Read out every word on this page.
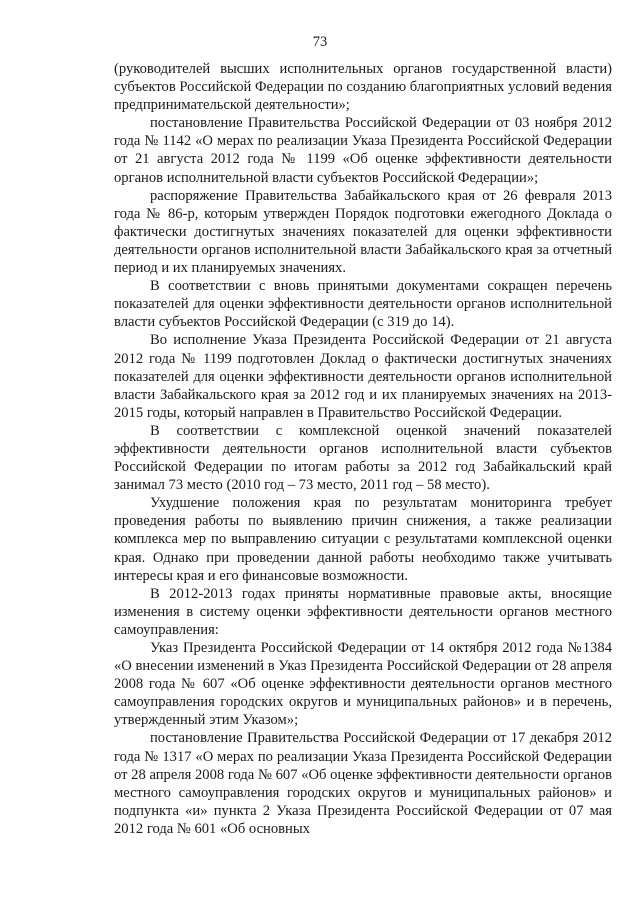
73

(руководителей высших исполнительных органов государственной власти) субъектов Российской Федерации по созданию благоприятных условий ведения предпринимательской деятельности»;

постановление Правительства Российской Федерации от 03 ноября 2012 года № 1142 «О мерах по реализации Указа Президента Российской Федерации от 21 августа 2012 года № 1199 «Об оценке эффективности деятельности органов исполнительной власти субъектов Российской Федерации»;

распоряжение Правительства Забайкальского края от 26 февраля 2013 года № 86-р, которым утвержден Порядок подготовки ежегодного Доклада о фактически достигнутых значениях показателей для оценки эффективности деятельности органов исполнительной власти Забайкальского края за отчетный период и их планируемых значениях.

В соответствии с вновь принятыми документами сокращен перечень показателей для оценки эффективности деятельности органов исполнительной власти субъектов Российской Федерации (с 319 до 14).

Во исполнение Указа Президента Российской Федерации от 21 августа 2012 года № 1199 подготовлен Доклад о фактически достигнутых значениях показателей для оценки эффективности деятельности органов исполнительной власти Забайкальского края за 2012 год и их планируемых значениях на 2013-2015 годы, который направлен в Правительство Российской Федерации.

В соответствии с комплексной оценкой значений показателей эффективности деятельности органов исполнительной власти субъектов Российской Федерации по итогам работы за 2012 год Забайкальский край занимал 73 место (2010 год – 73 место, 2011 год – 58 место).

Ухудшение положения края по результатам мониторинга требует проведения работы по выявлению причин снижения, а также реализации комплекса мер по выправлению ситуации с результатами комплексной оценки края. Однако при проведении данной работы необходимо также учитывать интересы края и его финансовые возможности.

В 2012-2013 годах приняты нормативные правовые акты, вносящие изменения в систему оценки эффективности деятельности органов местного самоуправления:

Указ Президента Российской Федерации от 14 октября 2012 года №1384 «О внесении изменений в Указ Президента Российской Федерации от 28 апреля 2008 года № 607 «Об оценке эффективности деятельности органов местного самоуправления городских округов и муниципальных районов» и в перечень, утвержденный этим Указом»;

постановление Правительства Российской Федерации от 17 декабря 2012 года № 1317 «О мерах по реализации Указа Президента Российской Федерации от 28 апреля 2008 года № 607 «Об оценке эффективности деятельности органов местного самоуправления городских округов и муниципальных районов» и подпункта «и» пункта 2 Указа Президента Российской Федерации от 07 мая 2012 года № 601 «Об основных
